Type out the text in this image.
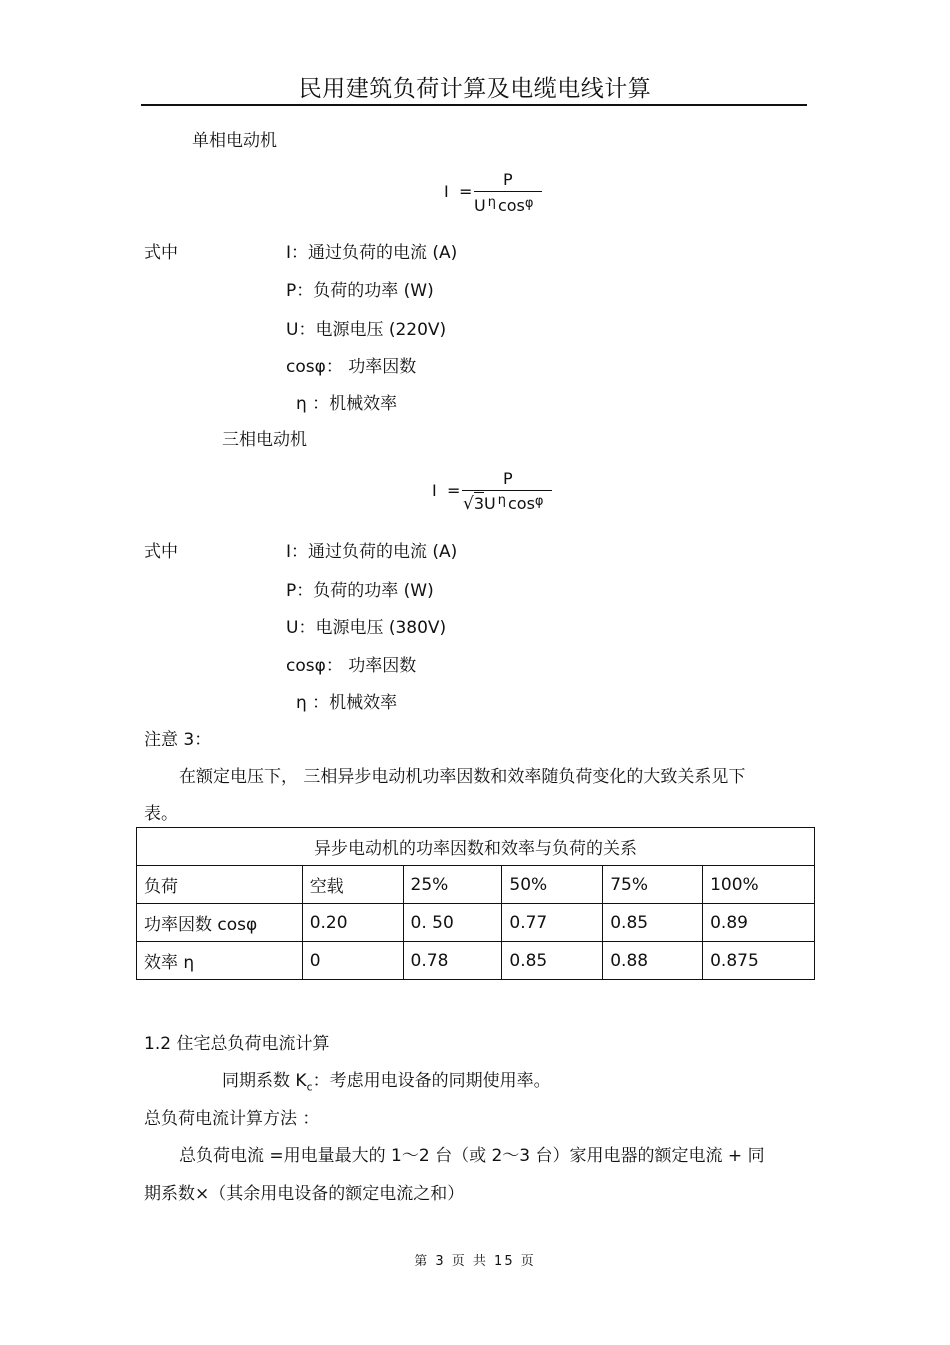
民用建筑负荷计算及电缆电线计算
单相电动机
I =
P
U $^\eta$ $\cos^\varphi$
式中	I：通过负荷的电流 (A)
P：负荷的功率 (W)
U：电源电压 (220V)
cosφ： 功率因数
η ：机械效率
三相电动机
I =
P
√3U $^\eta$ $\cos^\varphi$
式中	I：通过负荷的电流 (A)
P：负荷的功率 (W)
U：电源电压 (380V)
cosφ： 功率因数
η ：机械效率
注意 3：
在额定电压下， 三相异步电动机功率因数和效率随负荷变化的大致关系见下
表。
异步电动机的功率因数和效率与负荷的关系					
负荷	空载	25%	50%	75%	100%
功率因数 cosφ	0.20	0. 50	0.77	0.85	0.89
效率 η	0	0.78	0.85	0.88	0.875
1.2 住宅总负荷电流计算
同期系数 $K_c$：考虑用电设备的同期使用率。
总负荷电流计算方法 ：
总负荷电流 =用电量最大的 1～2 台（或 2～3 台）家用电器的额定电流 + 同
期系数×（其余用电设备的额定电流之和）
第 3 页 共 15 页
